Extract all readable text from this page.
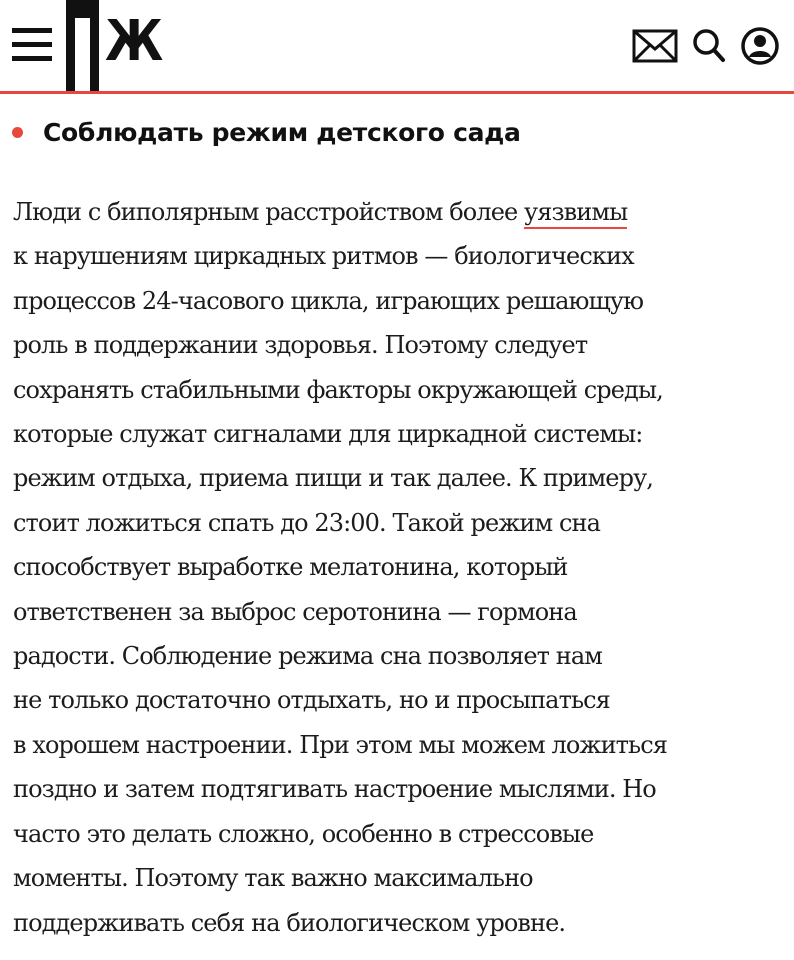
Ж
Соблюдать режим детского сада
Люди с биполярным расстройством более уязвимы
к нарушениям циркадных ритмов — биологических
процессов 24-часового цикла, играющих решающую
роль в поддержании здоровья. Поэтому следует
сохранять стабильными факторы окружающей среды,
которые служат сигналами для циркадной системы:
режим отдыха, приема пищи и так далее. К примеру,
стоит ложиться спать до 23:00. Такой режим сна
способствует выработке мелатонина, который
ответственен за выброс серотонина — гормона
радости. Соблюдение режима сна позволяет нам
не только достаточно отдыхать, но и просыпаться
в хорошем настроении. При этом мы можем ложиться
поздно и затем подтягивать настроение мыслями. Но
часто это делать сложно, особенно в стрессовые
моменты. Поэтому так важно максимально
поддерживать себя на биологическом уровне.
